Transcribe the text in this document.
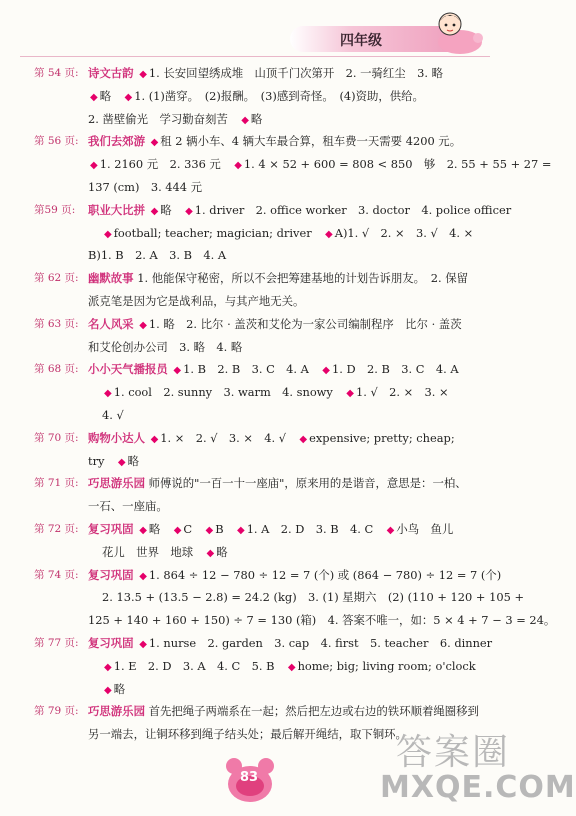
四年级
第 54 页: 诗文古韵 ◆ 1. 长安回望绣成堆　山顶千门次第开　2. 一骑红尘　3. 略
◆ 略　◆ 1. (1)凿穿。　(2)报酬。　(3)感到奇怪。　(4)资助，供给。
2. 凿壁偷光　学习勤奋刻苦　◆ 略
第 56 页: 我们去郊游 ◆ 租 2 辆小车、4 辆大车最合算，租车费一天需要 4200 元。
◆ 1. 2160 元　2. 336 元　◆ 1. 4 × 52 + 600 = 808 < 850　够　2. 55 + 55 + 27 =
137 (cm)　3. 444 元
第59 页: 职业大比拼 ◆ 略　◆ 1. driver　2. office worker　3. doctor　4. police officer
◆ football; teacher; magician; driver　◆ A)1. √　2. ×　3. √　4. ×
B)1. B　2. A　3. B　4. A
第 62 页: 幽默故事 1. 他能保守秘密，所以不会把筹建基地的计划告诉朋友。　2. 保留
派克笔是因为它是战利品，与其产地无关。
第 63 页: 名人风采 ◆ 1. 略　2. 比尔 · 盖茨和艾伦为一家公司编制程序　比尔 · 盖茨
和艾伦创办公司　3. 略　4. 略
第 68 页: 小小天气播报员 ◆ 1. B　2. B　3. C　4. A　◆ 1. D　2. B　3. C　4. A
◆ 1. cool　2. sunny　3. warm　4. snowy　◆ 1. √　2. ×　3. ×
4. √
第 70 页: 购物小达人 ◆ 1. ×　2. √　3. ×　4. √　◆ expensive; pretty; cheap;
try　◆ 略
第 71 页: 巧思游乐园 师傅说的"一百一十一座庙"，原来用的是谐音，意思是：一柏、
一石、一座庙。
第 72 页: 复习巩固 ◆ 略　◆ C　◆ B　◆ 1. A　2. D　3. B　4. C　◆ 小鸟　鱼儿
花儿　世界　地球　◆ 略
第 74 页: 复习巩固 ◆ 1. 864 ÷ 12 − 780 ÷ 12 = 7 (个) 或 (864 − 780) ÷ 12 = 7 (个)
2. 13.5 + (13.5 − 2.8) = 24.2 (kg)　3. (1) 星期六　(2) (110 + 120 + 105 +
125 + 140 + 160 + 150) ÷ 7 = 130 (箱)　4. 答案不唯一，如：5 × 4 + 7 − 3 = 24。
第 77 页: 复习巩固 ◆ 1. nurse　2. garden　3. cap　4. first　5. teacher　6. dinner
◆ 1. E　2. D　3. A　4. C　5. B　◆ home; big; living room; o'clock
◆ 略
第 79 页: 巧思游乐园 首先把绳子两端系在一起；然后把左边或右边的铁环顺着绳圈移到
另一端去，让铜环移到绳子结头处；最后解开绳结，取下铜环。
83
答案圈
MXQE.COM
